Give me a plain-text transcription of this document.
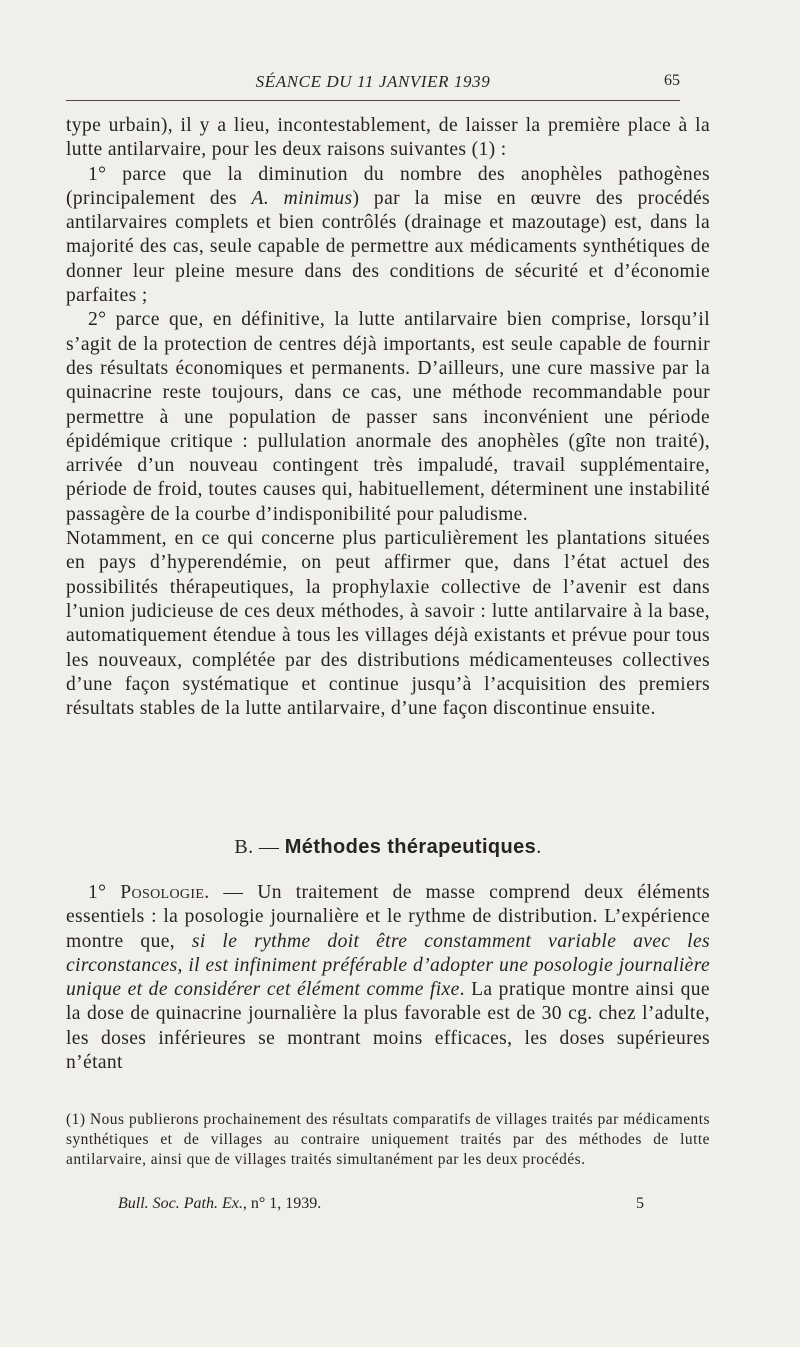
SÉANCE DU 11 JANVIER 1939	65

type urbain), il y a lieu, incontestablement, de laisser la première place à la lutte antilarvaire, pour les deux raisons suivantes (1) :

1° parce que la diminution du nombre des anophèles pathogènes (principalement des A. minimus) par la mise en œuvre des procédés antilarvaires complets et bien contrôlés (drainage et mazoutage) est, dans la majorité des cas, seule capable de permettre aux médicaments synthétiques de donner leur pleine mesure dans des conditions de sécurité et d’économie parfaites ;

2° parce que, en définitive, la lutte antilarvaire bien comprise, lorsqu’il s’agit de la protection de centres déjà importants, est seule capable de fournir des résultats économiques et permanents. D’ailleurs, une cure massive par la quinacrine reste toujours, dans ce cas, une méthode recommandable pour permettre à une population de passer sans inconvénient une période épidémique critique : pullulation anormale des anophèles (gîte non traité), arrivée d’un nouveau contingent très impaludé, travail supplémentaire, période de froid, toutes causes qui, habituellement, déterminent une instabilité passagère de la courbe d’indisponibilité pour paludisme.

Notamment, en ce qui concerne plus particulièrement les plantations situées en pays d’hyperendémie, on peut affirmer que, dans l’état actuel des possibilités thérapeutiques, la prophylaxie collective de l’avenir est dans l’union judicieuse de ces deux méthodes, à savoir : lutte antilarvaire à la base, automatiquement étendue à tous les villages déjà existants et prévue pour tous les nouveaux, complétée par des distributions médicamenteuses collectives d’une façon systématique et continue jusqu’à l’acquisition des premiers résultats stables de la lutte antilarvaire, d’une façon discontinue ensuite.

B. — Méthodes thérapeutiques.

1° Posologie. — Un traitement de masse comprend deux éléments essentiels : la posologie journalière et le rythme de distribution. L’expérience montre que, si le rythme doit être constamment variable avec les circonstances, il est infiniment préférable d’adopter une posologie journalière unique et de considérer cet élément comme fixe. La pratique montre ainsi que la dose de quinacrine journalière la plus favorable est de 30 cg. chez l’adulte, les doses inférieures se montrant moins efficaces, les doses supérieures n’étant

(1) Nous publierons prochainement des résultats comparatifs de villages traités par médicaments synthétiques et de villages au contraire uniquement traités par des méthodes de lutte antilarvaire, ainsi que de villages traités simultanément par les deux procédés.
Bull. Soc. Path. Ex., n° 1, 1939.	5
